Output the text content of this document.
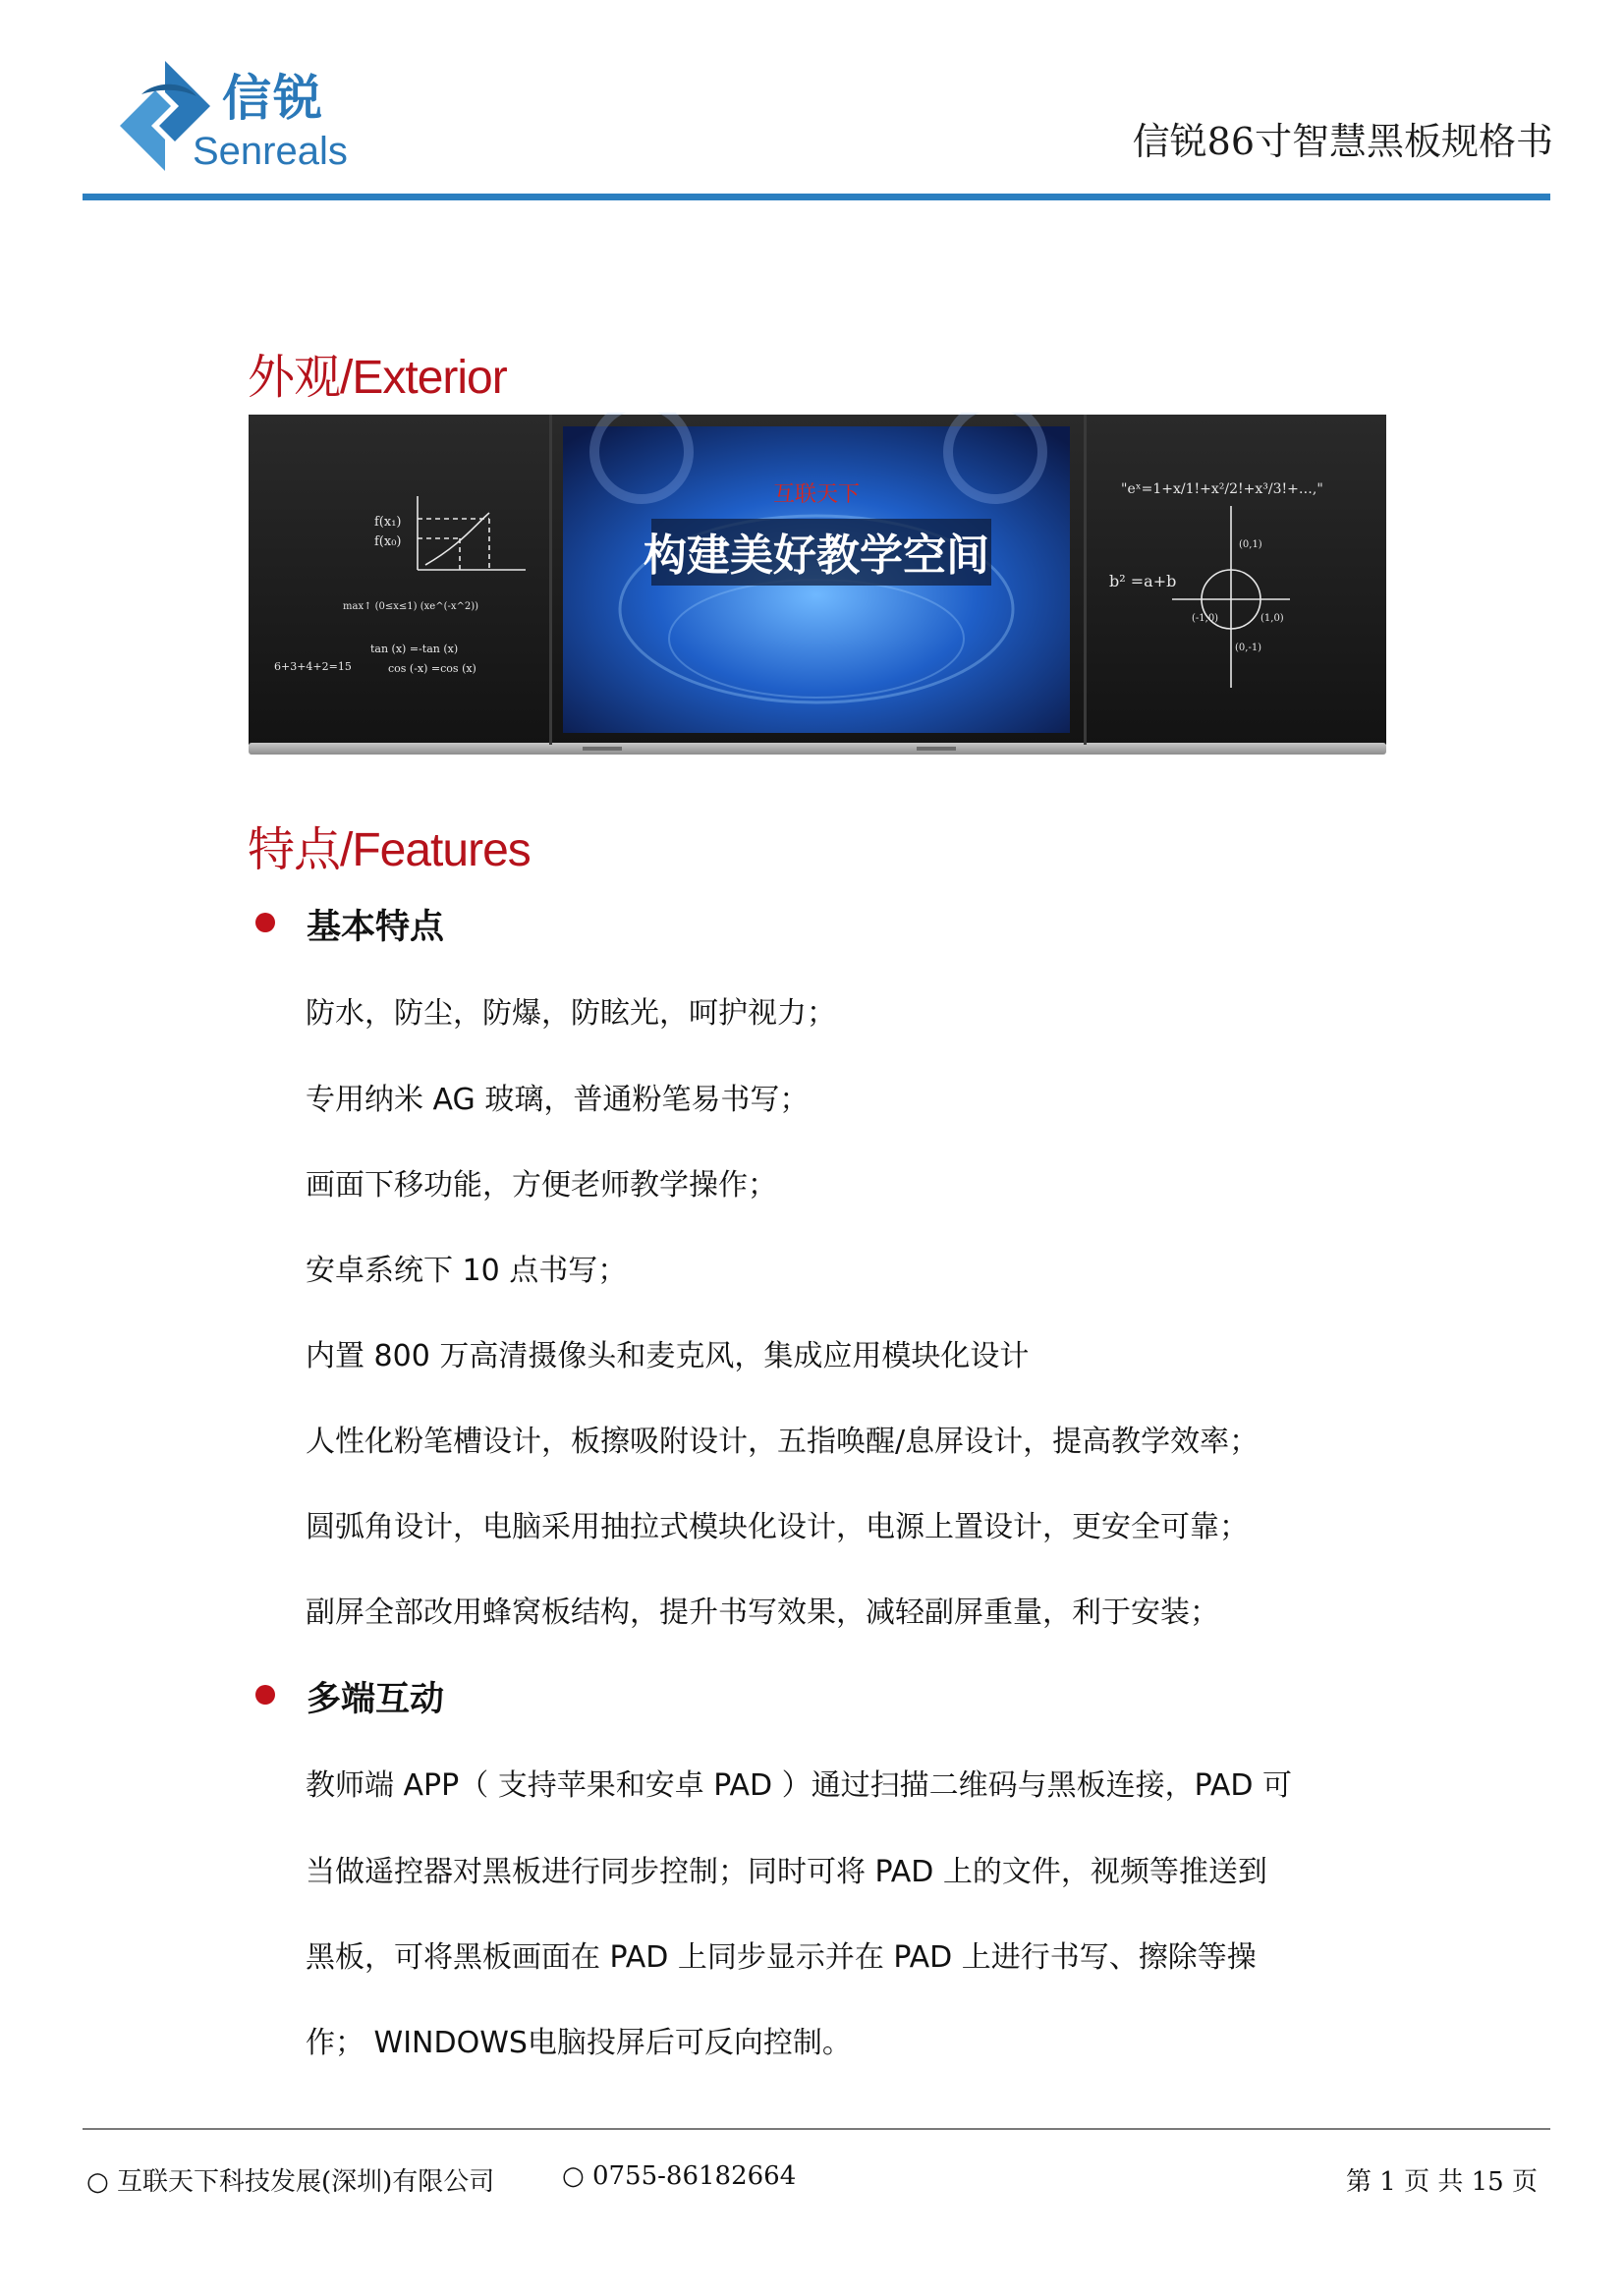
信锐
Senreals	信锐86寸智慧黑板规格书
外观/Exterior
互联天下
构建美好教学空间
f(x₁)
f(x₀)
max↑ (0≤x≤1) (xe^(-x^2))
tan (x) =-tan (x)
6+3+4+2=15	cos (-x) =cos (x)
"eˣ=1+x/1!+x²/2!+x³/3!+…,"
b² =a+b
(0,1)
(-1,0)	(1,0)
(0,-1)
特点/Features
基本特点
防水，防尘，防爆，防眩光，呵护视力；
专用纳米 AG 玻璃，普通粉笔易书写；
画面下移功能，方便老师教学操作；
安卓系统下 10 点书写；
内置 800 万高清摄像头和麦克风，集成应用模块化设计
人性化粉笔槽设计，板擦吸附设计，五指唤醒/息屏设计，提高教学效率；
圆弧角设计，电脑采用抽拉式模块化设计，电源上置设计，更安全可靠；
副屏全部改用蜂窝板结构，提升书写效果，减轻副屏重量，利于安装；
多端互动
教师端 APP（ 支持苹果和安卓 PAD ）通过扫描二维码与黑板连接，PAD 可
当做遥控器对黑板进行同步控制；同时可将 PAD 上的文件，视频等推送到
黑板，可将黑板画面在 PAD 上同步显示并在 PAD 上进行书写、擦除等操
作； WINDOWS电脑投屏后可反向控制。
○ 互联天下科技发展(深圳)有限公司	○ 0755-86182664	第 1 页 共 15 页
